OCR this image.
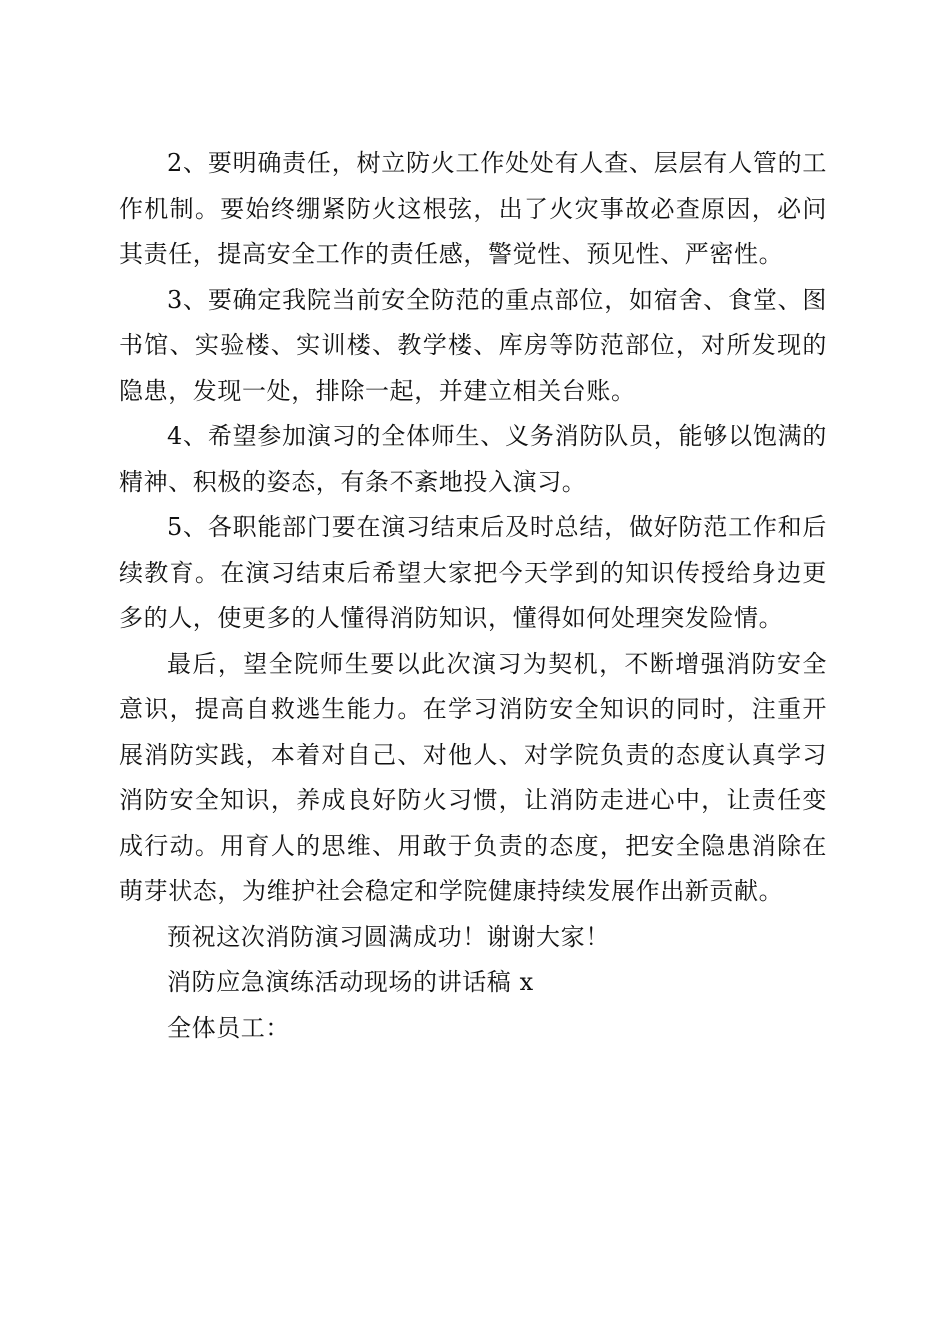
2、要明确责任，树立防火工作处处有人查、层层有人管的工作机制。要始终绷紧防火这根弦，出了火灾事故必查原因，必问其责任，提高安全工作的责任感，警觉性、预见性、严密性。

3、要确定我院当前安全防范的重点部位，如宿舍、食堂、图书馆、实验楼、实训楼、教学楼、库房等防范部位，对所发现的隐患，发现一处，排除一起，并建立相关台账。

4、希望参加演习的全体师生、义务消防队员，能够以饱满的精神、积极的姿态，有条不紊地投入演习。

5、各职能部门要在演习结束后及时总结，做好防范工作和后续教育。在演习结束后希望大家把今天学到的知识传授给身边更多的人，使更多的人懂得消防知识，懂得如何处理突发险情。

最后，望全院师生要以此次演习为契机，不断增强消防安全意识，提高自救逃生能力。在学习消防安全知识的同时，注重开展消防实践，本着对自己、对他人、对学院负责的态度认真学习消防安全知识，养成良好防火习惯，让消防走进心中，让责任变成行动。用育人的思维、用敢于负责的态度，把安全隐患消除在萌芽状态，为维护社会稳定和学院健康持续发展作出新贡献。

预祝这次消防演习圆满成功！谢谢大家！

消防应急演练活动现场的讲话稿 x

全体员工：
